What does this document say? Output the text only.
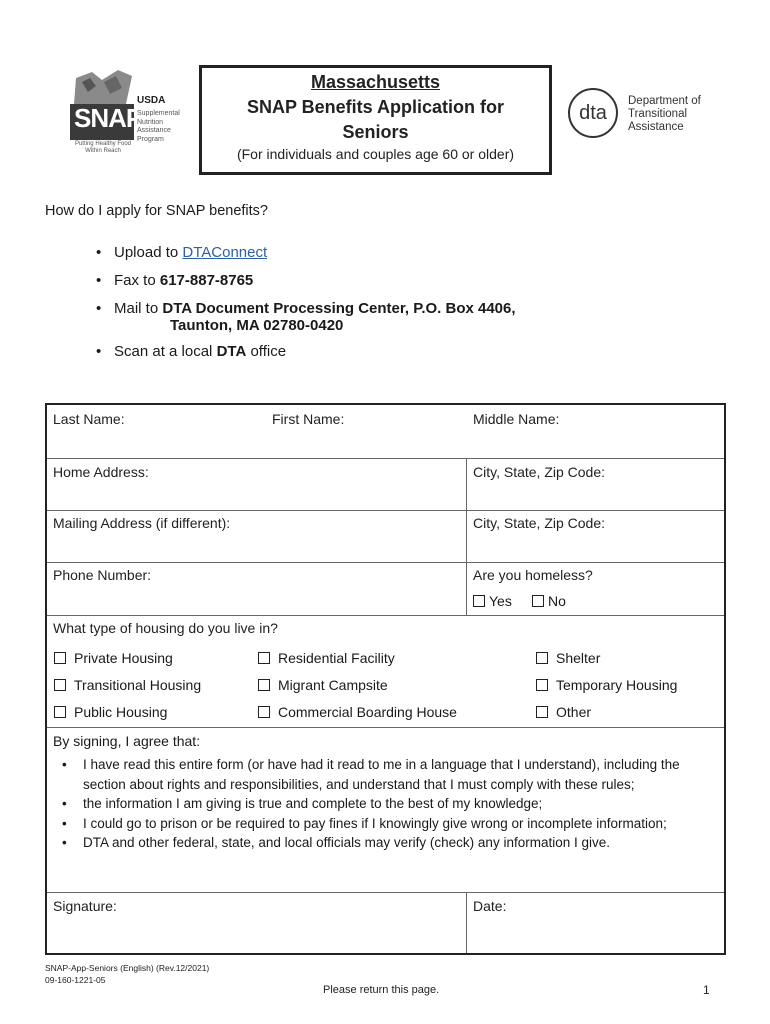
SNAP
USDA
Supplemental Nutrition Assistance Program
Putting Healthy Food Within Reach
Massachusetts
SNAP Benefits Application for
Seniors
(For individuals and couples age 60 or older)
dta
Department of
Transitional
Assistance
How do I apply for SNAP benefits?
• Upload to DTAConnect
• Fax to 617-887-8765
• Mail to DTA Document Processing Center, P.O. Box 4406,
Taunton, MA 02780-0420
• Scan at a local DTA office
Last Name:	First Name:	Middle Name:
Home Address:	City, State, Zip Code:
Mailing Address (if different):	City, State, Zip Code:
Phone Number:	Are you homeless?
Yes	No
What type of housing do you live in?
Private Housing	Residential Facility	Shelter
Transitional Housing	Migrant Campsite	Temporary Housing
Public Housing	Commercial Boarding House	Other
By signing, I agree that:
• I have read this entire form (or have had it read to me in a language that I understand), including the section about rights and responsibilities, and understand that I must comply with these rules;
• the information I am giving is true and complete to the best of my knowledge;
• I could go to prison or be required to pay fines if I knowingly give wrong or incomplete information;
• DTA and other federal, state, and local officials may verify (check) any information I give.
Signature:	Date:
SNAP-App-Seniors (English) (Rev.12/2021)
09-160-1221-05
Please return this page.	1
